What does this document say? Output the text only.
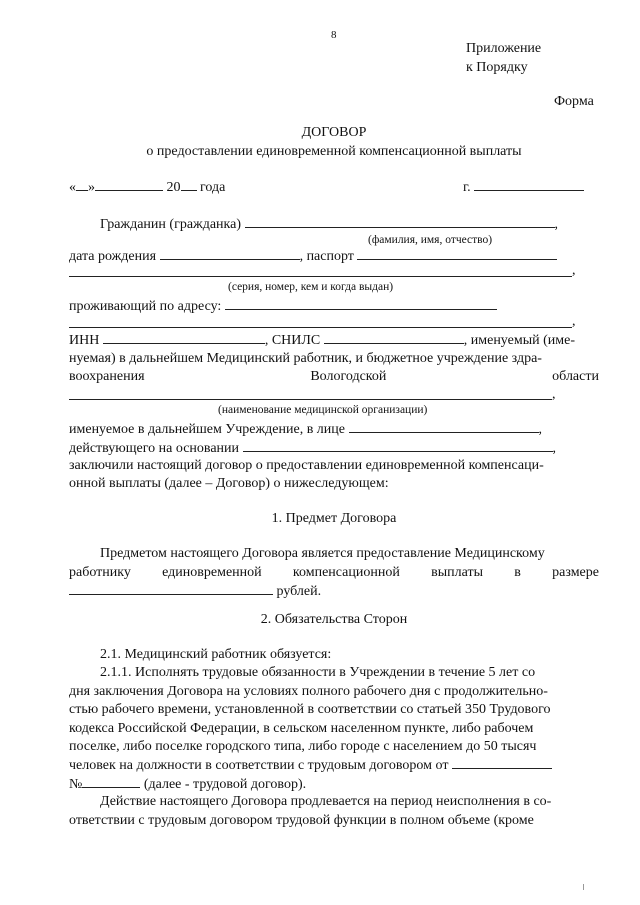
8
Приложение
к Порядку
Форма
ДОГОВОР
о предоставлении единовременной компенсационной выплаты
« »	20 года	г.
Гражданин (гражданка)	,
(фамилия, имя, отчество)
дата рождения	, паспорт
,
(серия, номер, кем и когда выдан)
проживающий по адресу:
,
ИНН	, СНИЛС	, именуемый (име-
нуемая) в дальнейшем Медицинский работник, и бюджетное учреждение здра-
воохранения	Вологодской	области
,
(наименование медицинской организации)
именуемое в дальнейшем Учреждение, в лице	,
действующего на основании	,
заключили настоящий договор о предоставлении единовременной компенсаци-
онной выплаты (далее – Договор) о нижеследующем:
1. Предмет Договора
Предметом настоящего Договора является предоставление Медицинскому
работнику единовременной компенсационной выплаты в размере
рублей.
2. Обязательства Сторон
2.1. Медицинский работник обязуется:
2.1.1. Исполнять трудовые обязанности в Учреждении в течение 5 лет со
дня заключения Договора на условиях полного рабочего дня с продолжительно-
стью рабочего времени, установленной в соответствии со статьей 350 Трудового
кодекса Российской Федерации, в сельском населенном пункте, либо рабочем
поселке, либо поселке городского типа, либо городе с населением до 50 тысяч
человек на должности в соответствии с трудовым договором от
№	(далее - трудовой договор).
Действие настоящего Договора продлевается на период неисполнения в со-
ответствии с трудовым договором трудовой функции в полном объеме (кроме
